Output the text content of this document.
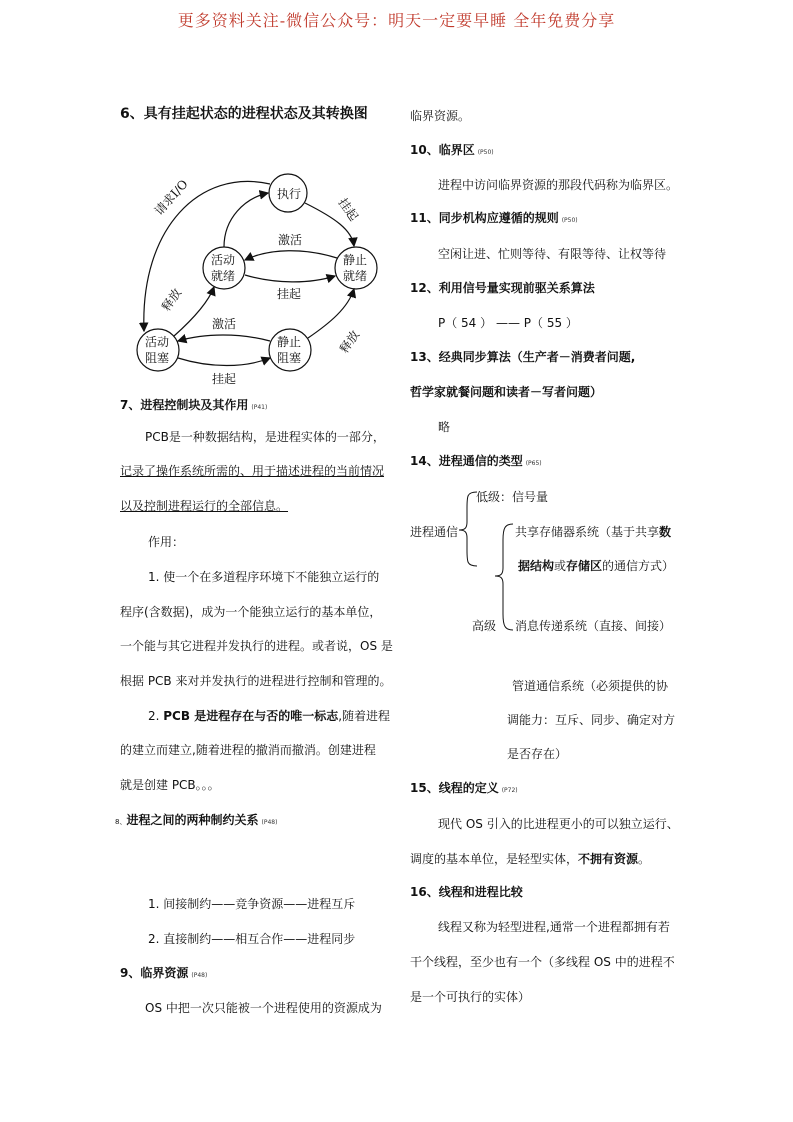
更多资料关注-微信公众号：明天一定要早睡 全年免费分享
6、具有挂起状态的进程状态及其转换图
执行
活动
就绪
静止
就绪
活动
阻塞
静止
阻塞
请求I/O	挂起
激活
挂起
释放
激活
挂起
释放
7、进程控制块及其作用 (P41)
PCB是一种数据结构，是进程实体的一部分，
记录了操作系统所需的、用于描述进程的当前情况
以及控制进程运行的全部信息。
作用：
1. 使一个在多道程序环境下不能独立运行的
程序(含数据)，成为一个能独立运行的基本单位，
一个能与其它进程并发执行的进程。或者说，OS 是
根据 PCB 来对并发执行的进程进行控制和管理的。
2. PCB 是进程存在与否的唯一标志,随着进程
的建立而建立,随着进程的撤消而撤消。创建进程
就是创建 PCB。。。
8、进程之间的两种制约关系 (P48)
1. 间接制约——竞争资源——进程互斥
2. 直接制约——相互合作——进程同步
9、临界资源 (P48)
OS 中把一次只能被一个进程使用的资源成为
临界资源。
10、临界区 (P50)
进程中访问临界资源的那段代码称为临界区。
11、同步机构应遵循的规则 (P50)
空闲让进、忙则等待、有限等待、让权等待
12、利用信号量实现前驱关系算法
P（ 54 ） —— P（ 55 ）
13、经典同步算法（生产者－消费者问题,
哲学家就餐问题和读者－写者问题）
略
14、进程通信的类型 (P65)
低级：信号量
进程通信	共享存储器系统（基于共享数
据结构或存储区的通信方式）
高级 消息传递系统（直接、间接）
管道通信系统（必须提供的协
调能力：互斥、同步、确定对方
是否存在）
15、线程的定义 (P72)
现代 OS 引入的比进程更小的可以独立运行、
调度的基本单位，是轻型实体，不拥有资源。
16、线程和进程比较
线程又称为轻型进程,通常一个进程都拥有若
干个线程，至少也有一个（多线程 OS 中的进程不
是一个可执行的实体）
